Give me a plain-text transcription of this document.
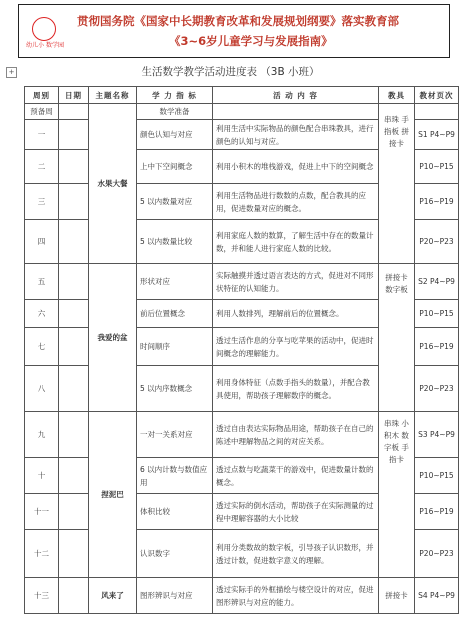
幼儿小 数学园
贯彻国务院《国家中长期教育改革和发展规划纲要》落实教育部
《3~6岁儿童学习与发展指南》
+	生活数学教学活动进度表 （3B 小班）
周别	日期	主题名称	学 力 指 标	活 动 内 容	教具	教材页次
预备周		水果大餐	数学准备		串珠 手指板 拼接卡	
一			颜色认知与对应	利用生活中实际物品的颜色配合串珠教具，进行颜色的认知与对应。		S1 P4~P9
二			上中下空间概念	利用小积木的堆栈游戏，促进上中下的空间概念		P10~P15
三			5 以内数量对应	利用生活物品进行数数的点数，配合教具的应用，促进数量对应的概念。		P16~P19
四			5 以内数量比较	利用家庭人数的数算，了解生活中存在的数量计数，并和能人进行家庭人数的比较。		P20~P23
五		我爱的盆	形状对应	实际触摸并透过语言表达的方式，促进对不同形状特征的认知能力。	拼接卡 数字板	S2 P4~P9
六			前后位置概念	利用人数排列，理解前后的位置概念。		P10~P15
七			时间顺序	透过生活作息的分享与吃苹果的活动中，促进时间概念的理解能力。		P16~P19
八			5 以内序数概念	利用身体特征（点数手指头的数量），并配合教具使用，帮助孩子理解数序的概念。		P20~P23
九		捏泥巴	一对一关系对应	透过自由表达实际物品用途，帮助孩子在自己的陈述中理解物品之间的对应关系。	串珠 小积木 数字板 手指卡	S3 P4~P9
十			6 以内计数与数值应用	透过点数与吃蔬菜干的游戏中，促进数量计数的概念。		P10~P15
十一			体积比较	透过实际的倒水活动，帮助孩子在实际测量的过程中理解容器的大小比较		P16~P19
十二			认识数字	利用分类数故的数字板，引导孩子认识数形，并透过计数，促进数字意义的理解。		P20~P23
十三		风来了	图形辨识与对应	透过实际手的外框描绘与楼空设计的对应，促进图形辨识与对应的能力。	拼接卡	S4 P4~P9
